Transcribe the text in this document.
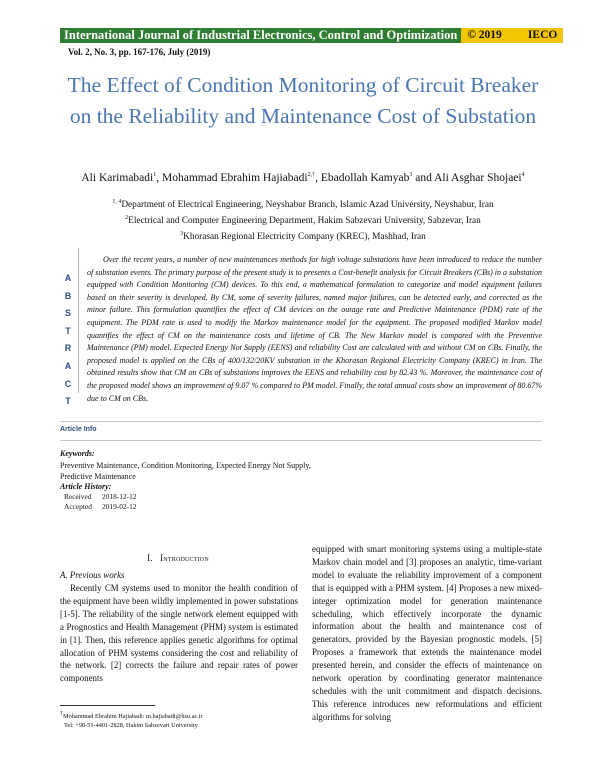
International Journal of Industrial Electronics, Control and Optimization © 2019 IECO
Vol. 2, No. 3, pp. 167-176, July (2019)
The Effect of Condition Monitoring of Circuit Breaker on the Reliability and Maintenance Cost of Substation
Ali Karimabadi$^1$, Mohammad Ebrahim Hajiabadi$^{2,\dagger}$, Ebadollah Kamyab$^3$ and Ali Asghar Shojaei$^4$
$^{1, 4}$Department of Electrical Engineering, Neyshabur Branch, Islamic Azad University, Neyshabur, Iran
$^2$Electrical and Computer Engineering Department, Hakim Sabzevari University, Sabzevar, Iran
$^3$Khorasan Regional Electricity Company (KREC), Mashhad, Iran
A
B
S
T
R
A
C
T
Over the recent years, a number of new maintenances methods for high voltage substations have been introduced to reduce the number of substation events. The primary purpose of the present study is to presents a Cost-benefit analysis for Circuit Breakers (CBs) in a substation equipped with Condition Monitoring (CM) devices. To this end, a mathematical formulation to categorize and model equipment failures based on their severity is developed. By CM, some of severity failures, named major failures, can be detected early, and corrected as the minor failure. This formulation quantifies the effect of CM devices on the outage rate and Predictive Maintenance (PDM) rate of the equipment. The PDM rate is used to modify the Markov maintenance model for the equipment. The proposed modified Markov model quantifies the effect of CM on the maintenance costs and lifetime of CB. The New Markov model is compared with the Preventive Maintenance (PM) model. Expected Energy Not Supply (EENS) and reliability Cost are calculated with and without CM on CBs. Finally, the proposed model is applied on the CBs of 400/132/20KV substation in the Khorasan Regional Electricity Company (KREC) in Iran. The obtained results show that CM on CBs of substations improves the EENS and reliability cost by 82.43 %. Moreover, the maintenance cost of the proposed model shows an improvement of 9.07 % compared to PM model. Finally, the total annual costs show an improvement of 80.67% due to CM on CBs.
Article Info
Keywords:
Preventive Maintenance, Condition Monitoring, Expected Energy Not Supply, Predictive Maintenance
Article History:
Received 2018-12-12
Accepted 2019-02-12
I. Introduction
A. Previous works

Recently CM systems used to monitor the health condition of the equipment have been wildly implemented in power substations [1-5]. The reliability of the single network element equipped with a Prognostics and Health Management (PHM) system is estimated in [1]. Then, this reference applies genetic algorithms for optimal allocation of PHM systems considering the cost and reliability of the network. [2] corrects the failure and repair rates of power components

equipped with smart monitoring systems using a multiple-state Markov chain model and [3] proposes an analytic, time-variant model to evaluate the reliability improvement of a component that is equipped with a PHM system. [4] Proposes a new mixed-integer optimization model for generation maintenance scheduling, which effectively incorporate the dynamic information about the health and maintenance cost of generators, provided by the Bayesian prognostic models. [5] Proposes a framework that extends the maintenance model presented herein, and consider the effects of maintenance on network operation by coordinating generator maintenance schedules with the unit commitment and dispatch decisions. This reference introduces new reformulations and efficient algorithms for solving

†Mohammad Ebrahim Hajiabadi: m.hajiabadi@hsu.ac.ir
Tel: +98-51-4401-2828, Hakim Sabzevari University
